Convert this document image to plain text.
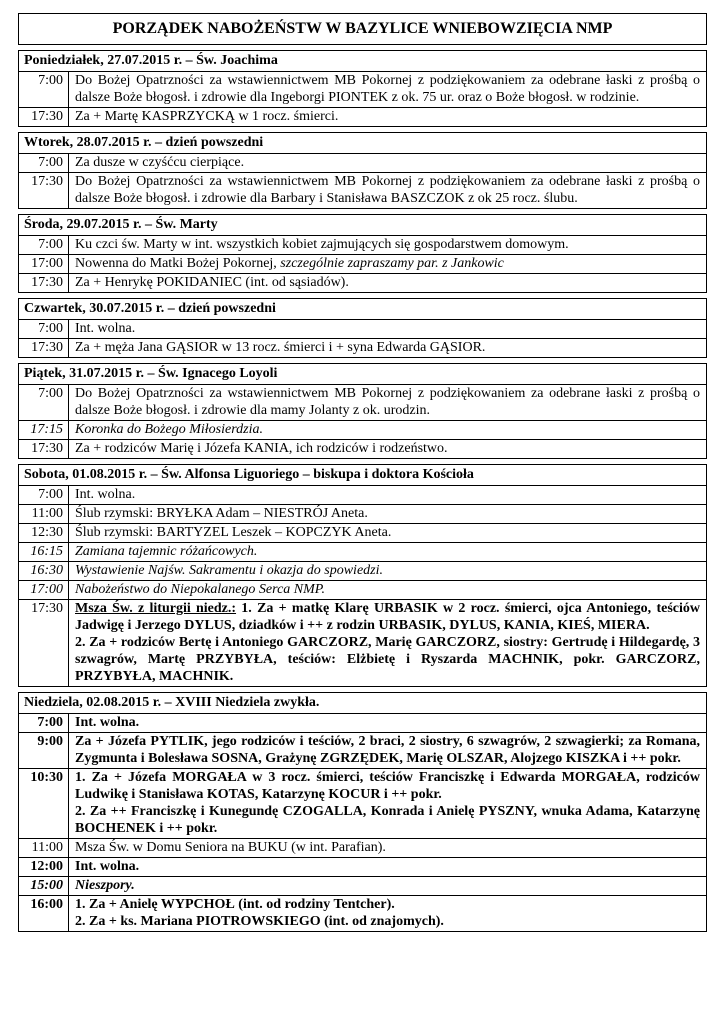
PORZĄDEK NABOŻEŃSTW W BAZYLICE WNIEBOWZIĘCIA NMP
Poniedziałek, 27.07.2015 r. – Św. Joachima
7:00 Do Bożej Opatrzności za wstawiennictwem MB Pokornej z podziękowaniem za odebrane łaski z prośbą o dalsze Boże błogosł. i zdrowie dla Ingeborgi PIONTEK z ok. 75 ur. oraz o Boże błogosł. w rodzinie.
17:30 Za + Martę KASPRZYCKĄ w 1 rocz. śmierci.
Wtorek, 28.07.2015 r. – dzień powszedni
7:00 Za dusze w czyśćcu cierpiące.
17:30 Do Bożej Opatrzności za wstawiennictwem MB Pokornej z podziękowaniem za odebrane łaski z prośbą o dalsze Boże błogosł. i zdrowie dla Barbary i Stanisława BASZCZOK z ok 25 rocz. ślubu.
Środa, 29.07.2015 r. – Św. Marty
7:00 Ku czci św. Marty w int. wszystkich kobiet zajmujących się gospodarstwem domowym.
17:00 Nowenna do Matki Bożej Pokornej, szczególnie zapraszamy par. z Jankowic
17:30 Za + Henrykę POKIDANIEC (int. od sąsiadów).
Czwartek, 30.07.2015 r. – dzień powszedni
7:00 Int. wolna.
17:30 Za + męża Jana GĄSIOR w 13 rocz. śmierci i + syna Edwarda GĄSIOR.
Piątek, 31.07.2015 r. – Św. Ignacego Loyoli
7:00 Do Bożej Opatrzności za wstawiennictwem MB Pokornej z podziękowaniem za odebrane łaski z prośbą o dalsze Boże błogosł. i zdrowie dla mamy Jolanty z ok. urodzin.
17:15 Koronka do Bożego Miłosierdzia.
17:30 Za + rodziców Marię i Józefa KANIA, ich rodziców i rodzeństwo.
Sobota, 01.08.2015 r. – Św. Alfonsa Liguoriego – biskupa i doktora Kościoła
7:00 Int. wolna.
11:00 Ślub rzymski: BRYŁKA Adam – NIESTRÓJ Aneta.
12:30 Ślub rzymski: BARTYZEL Leszek – KOPCZYK Aneta.
16:15 Zamiana tajemnic różańcowych.
16:30 Wystawienie Najśw. Sakramentu i okazja do spowiedzi.
17:00 Nabożeństwo do Niepokalanego Serca NMP.
17:30 Msza Św. z liturgii niedz.: 1. Za + matkę Klarę URBASIK w 2 rocz. śmierci, ojca Antoniego, teściów Jadwigę i Jerzego DYLUS, dziadków i ++ z rodzin URBASIK, DYLUS, KANIA, KIEŚ, MIERA.
2. Za + rodziców Bertę i Antoniego GARCZORZ, Marię GARCZORZ, siostry: Gertrudę i Hildegardę, 3 szwagrów, Martę PRZYBYŁA, teściów: Elżbietę i Ryszarda MACHNIK, pokr. GARCZORZ, PRZYBYŁA, MACHNIK.
Niedziela, 02.08.2015 r. – XVIII Niedziela zwykła.
7:00 Int. wolna.
9:00 Za + Józefa PYTLIK, jego rodziców i teściów, 2 braci, 2 siostry, 6 szwagrów, 2 szwagierki; za Romana, Zygmunta i Bolesława SOSNA, Grażynę ZGRZĘDEK, Marię OLSZAR, Alojzego KISZKA i ++ pokr.
10:30 1. Za + Józefa MORGAŁA w 3 rocz. śmierci, teściów Franciszkę i Edwarda MORGAŁA, rodziców Ludwikę i Stanisława KOTAS, Katarzynę KOCUR i ++ pokr.
2. Za ++ Franciszkę i Kunegundę CZOGALLA, Konrada i Anielę PYSZNY, wnuka Adama, Katarzynę BOCHENEK i ++ pokr.
11:00 Msza Św. w Domu Seniora na BUKU (w int. Parafian).
12:00 Int. wolna.
15:00 Nieszpory.
16:00 1. Za + Anielę WYPCHOŁ (int. od rodziny Tentcher).
2. Za + ks. Mariana PIOTROWSKIEGO (int. od znajomych).
